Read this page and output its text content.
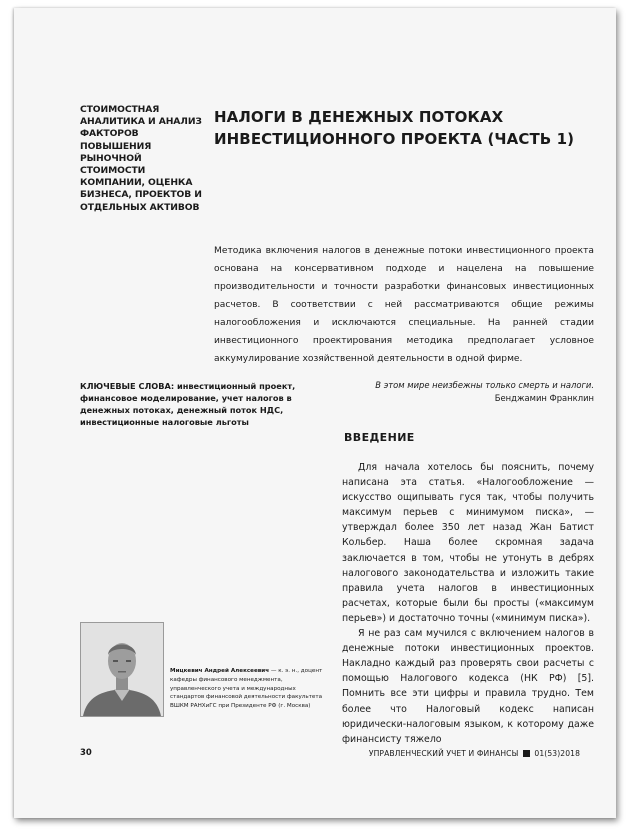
СТОИМОСТНАЯ АНАЛИТИКА И АНАЛИЗ ФАКТОРОВ ПОВЫШЕНИЯ РЫНОЧНОЙ СТОИМОСТИ КОМПАНИИ, ОЦЕНКА БИЗНЕСА, ПРОЕКТОВ И ОТДЕЛЬНЫХ АКТИВОВ

НАЛОГИ В ДЕНЕЖНЫХ ПОТОКАХ ИНВЕСТИЦИОННОГО ПРОЕКТА (ЧАСТЬ 1)

Методика включения налогов в денежные потоки инвестиционного проекта основана на консервативном подходе и нацелена на повышение производительности и точности разработки финансовых инвестиционных расчетов. В соответствии с ней рассматриваются общие режимы налогообложения и исключаются специальные. На ранней стадии инвестиционного проектирования методика предполагает условное аккумулирование хозяйственной деятельности в одной фирме.

КЛЮЧЕВЫЕ СЛОВА: инвестиционный проект, финансовое моделирование, учет налогов в денежных потоках, денежный поток НДС, инвестиционные налоговые льготы

В этом мире неизбежны только смерть и налоги.
Бенджамин Франклин
ВВЕДЕНИЕ

Для начала хотелось бы пояснить, почему написана эта статья. «Налогообложение — искусство ощипывать гуся так, чтобы получить максимум перьев с минимумом писка», — утверждал более 350 лет назад Жан Батист Кольбер. Наша более скромная задача заключается в том, чтобы не утонуть в дебрях налогового законодательства и изложить такие правила учета налогов в инвестиционных расчетах, которые были бы просты («максимум перьев») и достаточно точны («минимум писка»).

Я не раз сам мучился с включением налогов в денежные потоки инвестиционных проектов. Накладно каждый раз проверять свои расчеты с помощью Налогового кодекса (НК РФ) [5]. Помнить все эти цифры и правила трудно. Тем более что Налоговый кодекс написан юридически-налоговым языком, к которому даже финансисту тяжело

Мицкевич Андрей Алексеевич — к. э. н., доцент кафедры финансового менеджмента, управленческого учета и международных стандартов финансовой деятельности факультета ВШКМ РАНХиГС при Президенте РФ (г. Москва)

30	УПРАВЛЕНЧЕСКИЙ УЧЕТ И ФИНАНСЫ 01(53)2018
